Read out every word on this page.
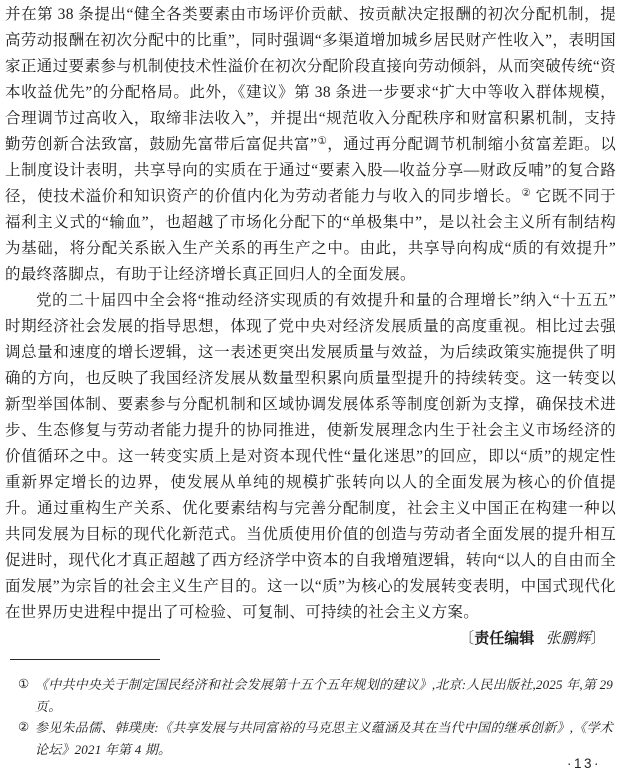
并在第 38 条提出“健全各类要素由市场评价贡献、按贡献决定报酬的初次分配机制，提高劳动报酬在初次分配中的比重”，同时强调“多渠道增加城乡居民财产性收入”，表明国家正通过要素参与机制使技术性溢价在初次分配阶段直接向劳动倾斜，从而突破传统“资本收益优先”的分配格局。此外，《建议》第 38 条进一步要求“扩大中等收入群体规模，合理调节过高收入，取缔非法收入”，并提出“规范收入分配秩序和财富积累机制，支持勤劳创新合法致富，鼓励先富带后富促共富”①，通过再分配调节机制缩小贫富差距。以上制度设计表明，共享导向的实质在于通过“要素入股—收益分享—财政反哺”的复合路径，使技术溢价和知识资产的价值内化为劳动者能力与收入的同步增长。② 它既不同于福利主义式的“输血”，也超越了市场化分配下的“单极集中”，是以社会主义所有制结构为基础，将分配关系嵌入生产关系的再生产之中。由此，共享导向构成“质的有效提升”的最终落脚点，有助于让经济增长真正回归人的全面发展。

党的二十届四中全会将“推动经济实现质的有效提升和量的合理增长”纳入“十五五”时期经济社会发展的指导思想，体现了党中央对经济发展质量的高度重视。相比过去强调总量和速度的增长逻辑，这一表述更突出发展质量与效益，为后续政策实施提供了明确的方向，也反映了我国经济发展从数量型积累向质量型提升的持续转变。这一转变以新型举国体制、要素参与分配机制和区域协调发展体系等制度创新为支撑，确保技术进步、生态修复与劳动者能力提升的协同推进，使新发展理念内生于社会主义市场经济的价值循环之中。这一转变实质上是对资本现代性“量化迷思”的回应，即以“质”的规定性重新界定增长的边界，使发展从单纯的规模扩张转向以人的全面发展为核心的价值提升。通过重构生产关系、优化要素结构与完善分配制度，社会主义中国正在构建一种以共同发展为目标的现代化新范式。当优质使用价值的创造与劳动者全面发展的提升相互促进时，现代化才真正超越了西方经济学中资本的自我增殖逻辑，转向“以人的自由而全面发展”为宗旨的社会主义生产目的。这一以“质”为核心的发展转变表明，中国式现代化在世界历史进程中提出了可检验、可复制、可持续的社会主义方案。

〔责任编辑 张鹏辉〕
① 《中共中央关于制定国民经济和社会发展第十五个五年规划的建议》,北京:人民出版社,2025 年,第 29 页。
② 参见朱品儒、韩璞庚:《共享发展与共同富裕的马克思主义蕴涵及其在当代中国的继承创新》,《学术论坛》2021 年第 4 期。
·13·
